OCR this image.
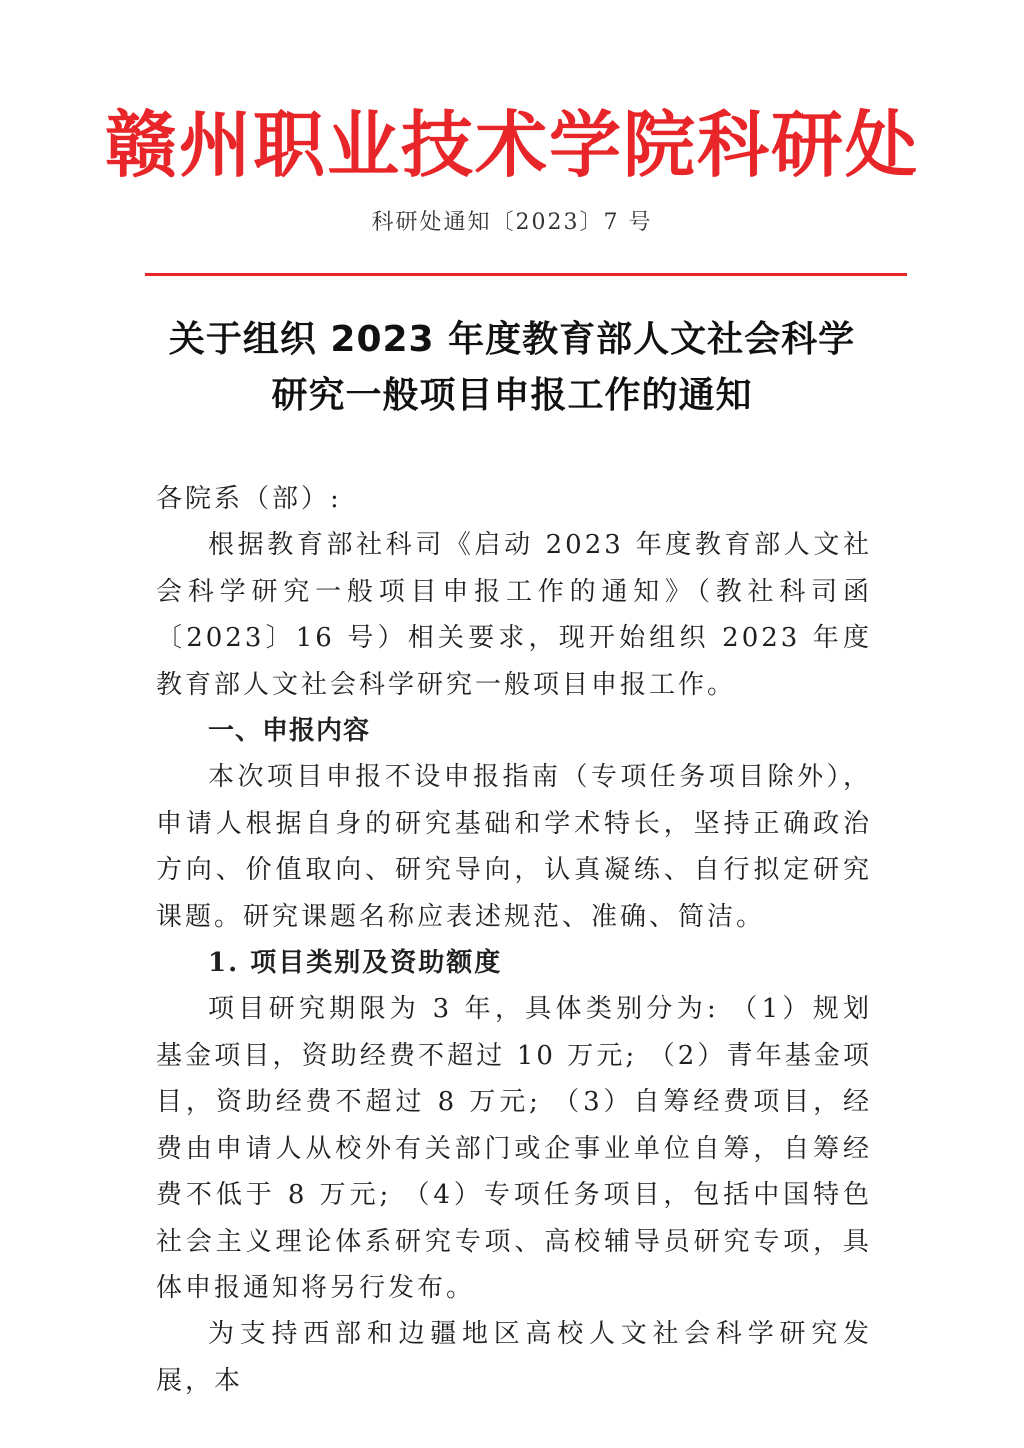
赣州职业技术学院科研处
科研处通知〔2023〕7 号
关于组织 2023 年度教育部人文社会科学
研究一般项目申报工作的通知

各院系（部）:

根据教育部社科司《启动 2023 年度教育部人文社会科学研究一般项目申报工作的通知》（教社科司函〔2023〕16 号）相关要求，现开始组织 2023 年度教育部人文社会科学研究一般项目申报工作。

一、申报内容

本次项目申报不设申报指南（专项任务项目除外），申请人根据自身的研究基础和学术特长，坚持正确政治方向、价值取向、研究导向，认真凝练、自行拟定研究课题。研究课题名称应表述规范、准确、简洁。

1. 项目类别及资助额度

项目研究期限为 3 年，具体类别分为: （1）规划基金项目，资助经费不超过 10 万元; （2）青年基金项目，资助经费不超过 8 万元; （3）自筹经费项目，经费由申请人从校外有关部门或企事业单位自筹，自筹经费不低于 8 万元; （4）专项任务项目，包括中国特色社会主义理论体系研究专项、高校辅导员研究专项，具体申报通知将另行发布。

为支持西部和边疆地区高校人文社会科学研究发展，本
